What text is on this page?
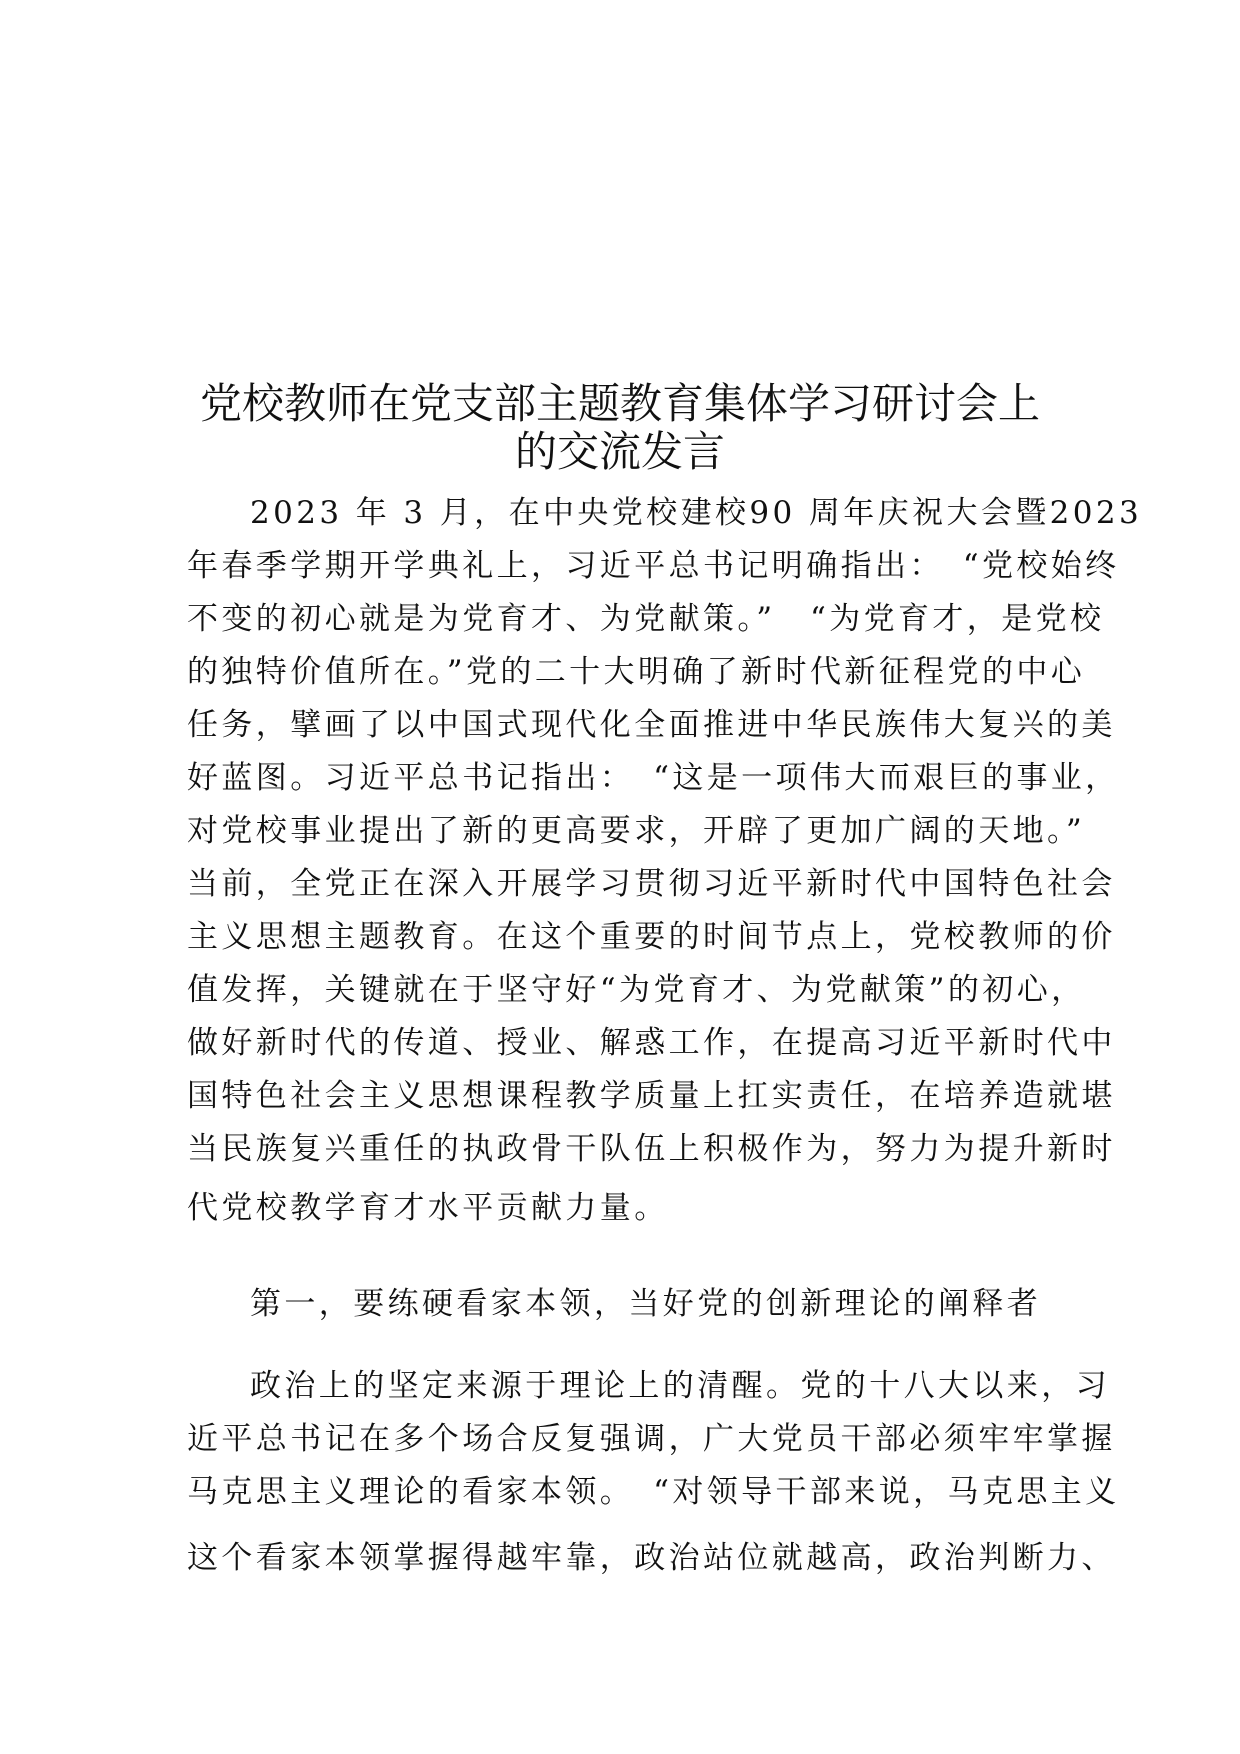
党校教师在党支部主题教育集体学习研讨会上
的交流发言
2023 年 3 月，在中央党校建校90 周年庆祝大会暨2023
年春季学期开学典礼上，习近平总书记明确指出：　“党校始终
不变的初心就是为党育才、为党献策。”　“为党育才，是党校
的独特价值所在。”党的二十大明确了新时代新征程党的中心
任务，擘画了以中国式现代化全面推进中华民族伟大复兴的美
好蓝图。习近平总书记指出：　“这是一项伟大而艰巨的事业，
对党校事业提出了新的更高要求，开辟了更加广阔的天地。”
当前，全党正在深入开展学习贯彻习近平新时代中国特色社会
主义思想主题教育。在这个重要的时间节点上，党校教师的价
值发挥，关键就在于坚守好“为党育才、为党献策”的初心，
做好新时代的传道、授业、解惑工作，在提高习近平新时代中
国特色社会主义思想课程教学质量上扛实责任，在培养造就堪
当民族复兴重任的执政骨干队伍上积极作为，努力为提升新时
代党校教学育才水平贡献力量。
第一，要练硬看家本领，当好党的创新理论的阐释者
政治上的坚定来源于理论上的清醒。党的十八大以来，习
近平总书记在多个场合反复强调，广大党员干部必须牢牢掌握
马克思主义理论的看家本领。　“对领导干部来说，马克思主义
这个看家本领掌握得越牢靠，政治站位就越高，政治判断力、
